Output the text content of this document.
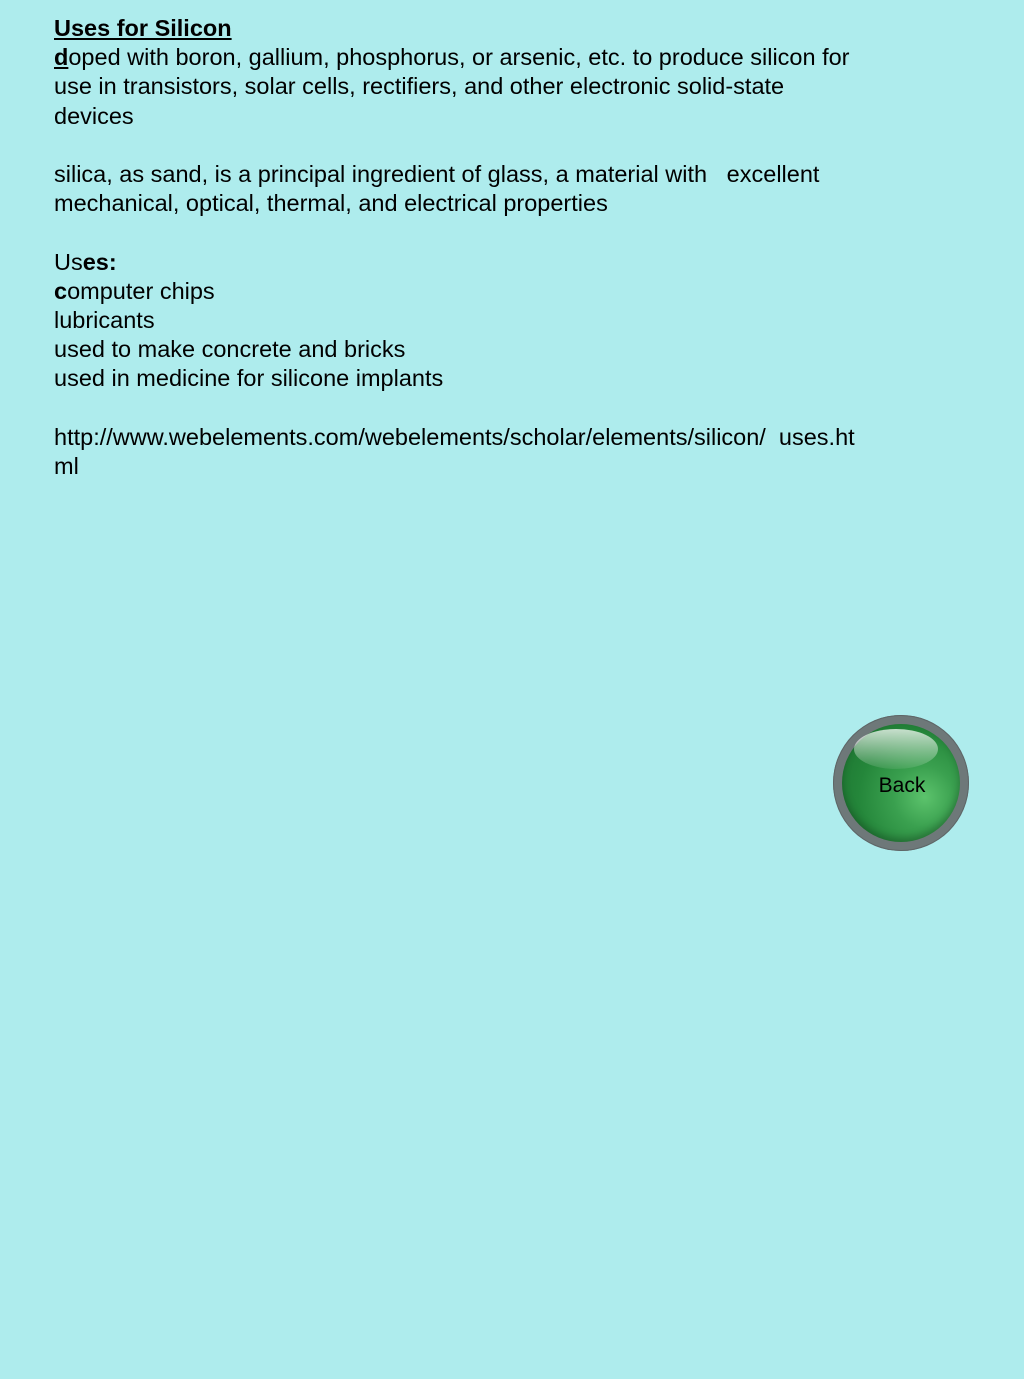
Uses for Silicon
doped with boron, gallium, phosphorus, or arsenic, etc. to produce silicon for
use in transistors, solar cells, rectifiers, and other electronic solid-state
devices
silica, as sand, is a principal ingredient of glass, a material with   excellent
mechanical, optical, thermal, and electrical properties
Uses:
computer chips
lubricants
used to make concrete and bricks
used in medicine for silicone implants
http://www.webelements.com/webelements/scholar/elements/silicon/  uses.ht
ml
Back
